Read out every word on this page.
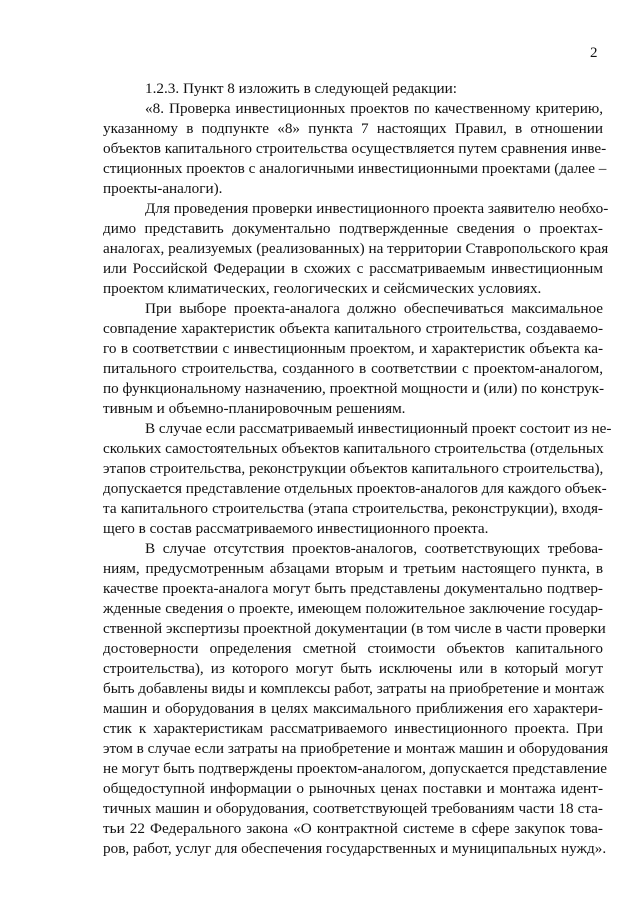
2
1.2.3. Пункт 8 изложить в следующей редакции:
«8. Проверка инвестиционных проектов по качественному критерию,
указанному в подпункте «8» пункта 7 настоящих Правил, в отношении
объектов капитального строительства осуществляется путем сравнения инве-
стиционных проектов с аналогичными инвестиционными проектами (далее –
проекты-аналоги).
Для проведения проверки инвестиционного проекта заявителю необхо-
димо представить документально подтвержденные сведения о проектах-
аналогах, реализуемых (реализованных) на территории Ставропольского края
или Российской Федерации в схожих с рассматриваемым инвестиционным
проектом климатических, геологических и сейсмических условиях.
При выборе проекта-аналога должно обеспечиваться максимальное
совпадение характеристик объекта капитального строительства, создаваемо-
го в соответствии с инвестиционным проектом, и характеристик объекта ка-
питального строительства, созданного в соответствии с проектом-аналогом,
по функциональному назначению, проектной мощности и (или) по конструк-
тивным и объемно-планировочным решениям.
В случае если рассматриваемый инвестиционный проект состоит из не-
скольких самостоятельных объектов капитального строительства (отдельных
этапов строительства, реконструкции объектов капитального строительства),
допускается представление отдельных проектов-аналогов для каждого объек-
та капитального строительства (этапа строительства, реконструкции), входя-
щего в состав рассматриваемого инвестиционного проекта.
В случае отсутствия проектов-аналогов, соответствующих требова-
ниям, предусмотренным абзацами вторым и третьим настоящего пункта, в
качестве проекта-аналога могут быть представлены документально подтвер-
жденные сведения о проекте, имеющем положительное заключение государ-
ственной экспертизы проектной документации (в том числе в части проверки
достоверности определения сметной стоимости объектов капитального
строительства), из которого могут быть исключены или в который могут
быть добавлены виды и комплексы работ, затраты на приобретение и монтаж
машин и оборудования в целях максимального приближения его характери-
стик к характеристикам рассматриваемого инвестиционного проекта. При
этом в случае если затраты на приобретение и монтаж машин и оборудования
не могут быть подтверждены проектом-аналогом, допускается представление
общедоступной информации о рыночных ценах поставки и монтажа идент-
тичных машин и оборудования, соответствующей требованиям части 18 ста-
тьи 22 Федерального закона «О контрактной системе в сфере закупок това-
ров, работ, услуг для обеспечения государственных и муниципальных нужд».
